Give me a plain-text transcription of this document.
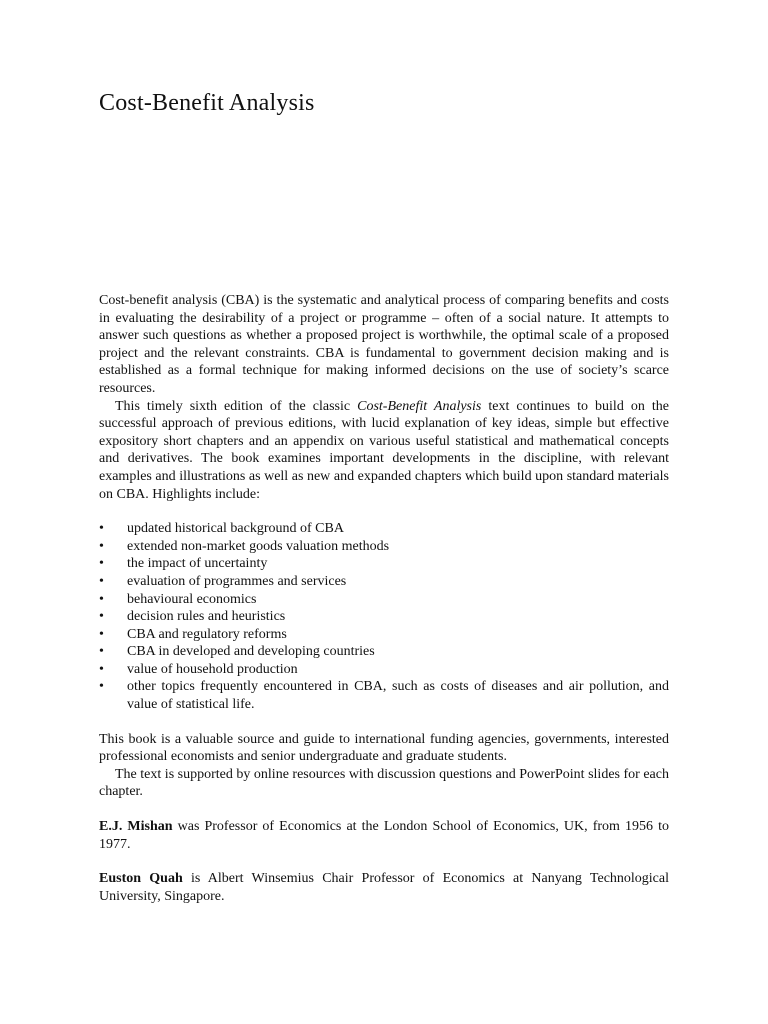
Cost-Benefit Analysis

Cost-benefit analysis (CBA) is the systematic and analytical process of comparing benefits and costs in evaluating the desirability of a project or programme – often of a social nature. It attempts to answer such questions as whether a proposed project is worthwhile, the optimal scale of a proposed project and the relevant constraints. CBA is fundamental to government decision making and is established as a formal technique for making informed decisions on the use of society’s scarce resources.

This timely sixth edition of the classic Cost-Benefit Analysis text continues to build on the successful approach of previous editions, with lucid explanation of key ideas, simple but effective expository short chapters and an appendix on various useful statistical and mathematical concepts and derivatives. The book examines important developments in the discipline, with relevant examples and illustrations as well as new and expanded chapters which build upon standard materials on CBA. Highlights include:

• updated historical background of CBA
• extended non-market goods valuation methods
• the impact of uncertainty
• evaluation of programmes and services
• behavioural economics
• decision rules and heuristics
• CBA and regulatory reforms
• CBA in developed and developing countries
• value of household production
• other topics frequently encountered in CBA, such as costs of diseases and air pollution, and value of statistical life.

This book is a valuable source and guide to international funding agencies, governments, interested professional economists and senior undergraduate and graduate students.

The text is supported by online resources with discussion questions and PowerPoint slides for each chapter.

E.J. Mishan was Professor of Economics at the London School of Economics, UK, from 1956 to 1977.

Euston Quah is Albert Winsemius Chair Professor of Economics at Nanyang Technological University, Singapore.
